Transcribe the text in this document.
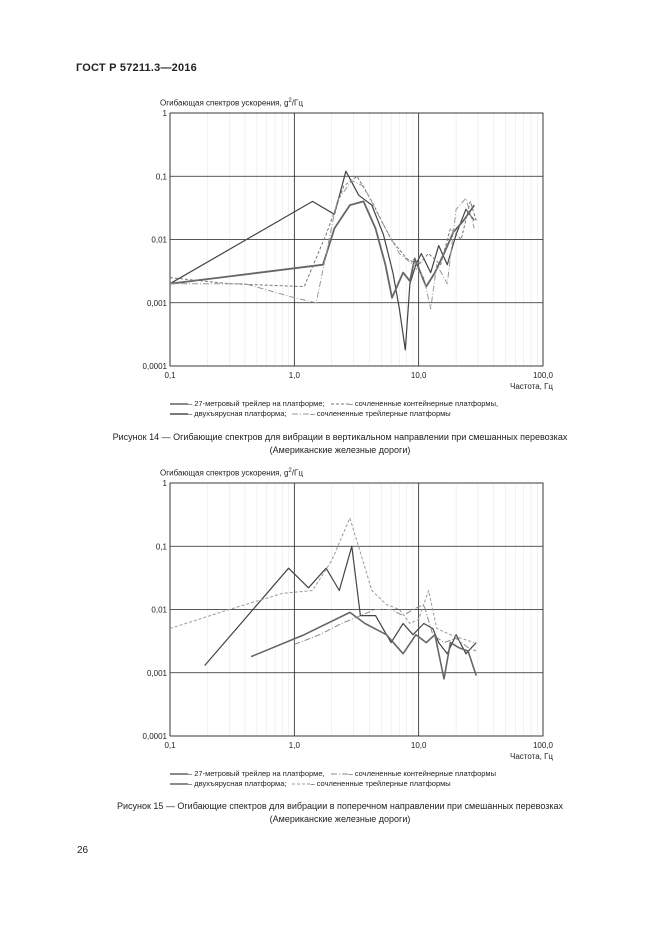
ГОСТ Р 57211.3—2016
Огибающая спектров ускорения, $g^2/Гц$
1
0,1
0,01
0,001
0,0001
0,1	1,0	10,0	100,0
Частота, Гц
– 27-метровый трейлер на платформе;	– сочлененные контейнерные платформы,
– двухъярусная платформа;	– сочлененные трейлерные платформы
Рисунок 14 — Огибающие спектров для вибрации в вертикальном направлении при смешанных перевозках
(Американские железные дороги)
Огибающая спектров ускорения, $g^2/Гц$
1
0,1
0,01
0,001
0,0001
0,1	1,0	10,0	100,0
Частота, Гц
– 27-метровый трейлер на платформе,	– сочлененные контейнерные платформы
– двухъярусная платформа;	– сочлененные трейлерные платформы
Рисунок 15 — Огибающие спектров для вибрации в поперечном направлении при смешанных перевозках
(Американские железные дороги)
26
